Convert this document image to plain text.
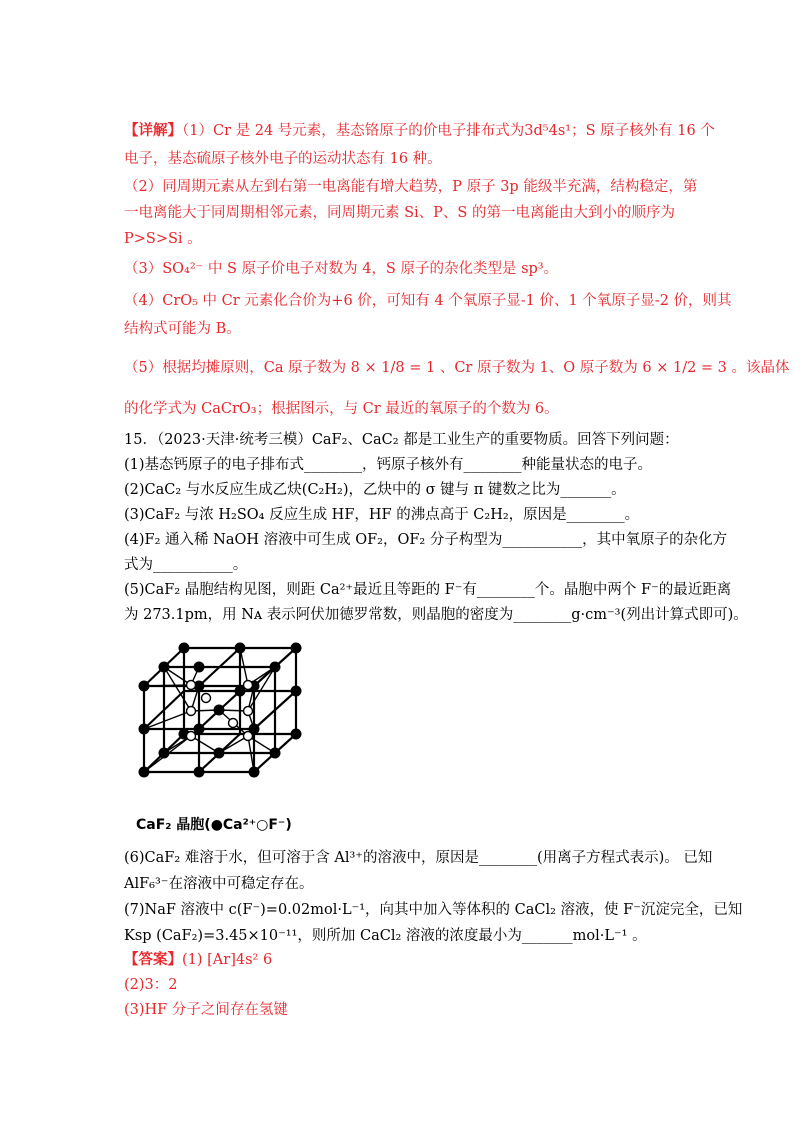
【详解】（1）Cr 是 24 号元素，基态铬原子的价电子排布式为3d⁵4s¹；S 原子核外有 16 个
电子，基态硫原子核外电子的运动状态有 16 种。
（2）同周期元素从左到右第一电离能有增大趋势，P 原子 3p 能级半充满，结构稳定，第
一电离能大于同周期相邻元素，同周期元素 Si、P、S 的第一电离能由大到小的顺序为
P>S>Si 。
（3）SO₄²⁻ 中 S 原子价电子对数为 4，S 原子的杂化类型是 sp³。
（4）CrO₅ 中 Cr 元素化合价为+6 价，可知有 4 个氧原子显-1 价、1 个氧原子显-2 价，则其
结构式可能为 B。
（5）根据均摊原则，Ca 原子数为 8 × 1/8 = 1 、Cr 原子数为 1、O 原子数为 6 × 1/2 = 3 。该晶体
的化学式为 CaCrO₃；根据图示，与 Cr 最近的氧原子的个数为 6。
15．（2023·天津·统考三模）CaF₂、CaC₂ 都是工业生产的重要物质。回答下列问题：
(1)基态钙原子的电子排布式________，钙原子核外有________种能量状态的电子。
(2)CaC₂ 与水反应生成乙炔(C₂H₂)，乙炔中的 σ 键与 π 键数之比为_______。
(3)CaF₂ 与浓 H₂SO₄ 反应生成 HF，HF 的沸点高于 C₂H₂，原因是________。
(4)F₂ 通入稀 NaOH 溶液中可生成 OF₂，OF₂ 分子构型为___________，其中氧原子的杂化方
式为___________。
(5)CaF₂ 晶胞结构见图，则距 Ca²⁺最近且等距的 F⁻有________个。晶胞中两个 F⁻的最近距离
为 273.1pm，用 Nᴀ 表示阿伏加德罗常数，则晶胞的密度为________g·cm⁻³(列出计算式即可)。
CaF₂ 晶胞(●Ca²⁺○F⁻)
(6)CaF₂ 难溶于水，但可溶于含 Al³⁺的溶液中，原因是________(用离子方程式表示)。 已知
AlF₆³⁻在溶液中可稳定存在。
(7)NaF 溶液中 c(F⁻)=0.02mol·L⁻¹，向其中加入等体积的 CaCl₂ 溶液，使 F⁻沉淀完全，已知
Ksp (CaF₂)=3.45×10⁻¹¹，则所加 CaCl₂ 溶液的浓度最小为_______mol·L⁻¹ 。
【答案】(1) [Ar]4s² 6
(2)3：2
(3)HF 分子之间存在氢键
